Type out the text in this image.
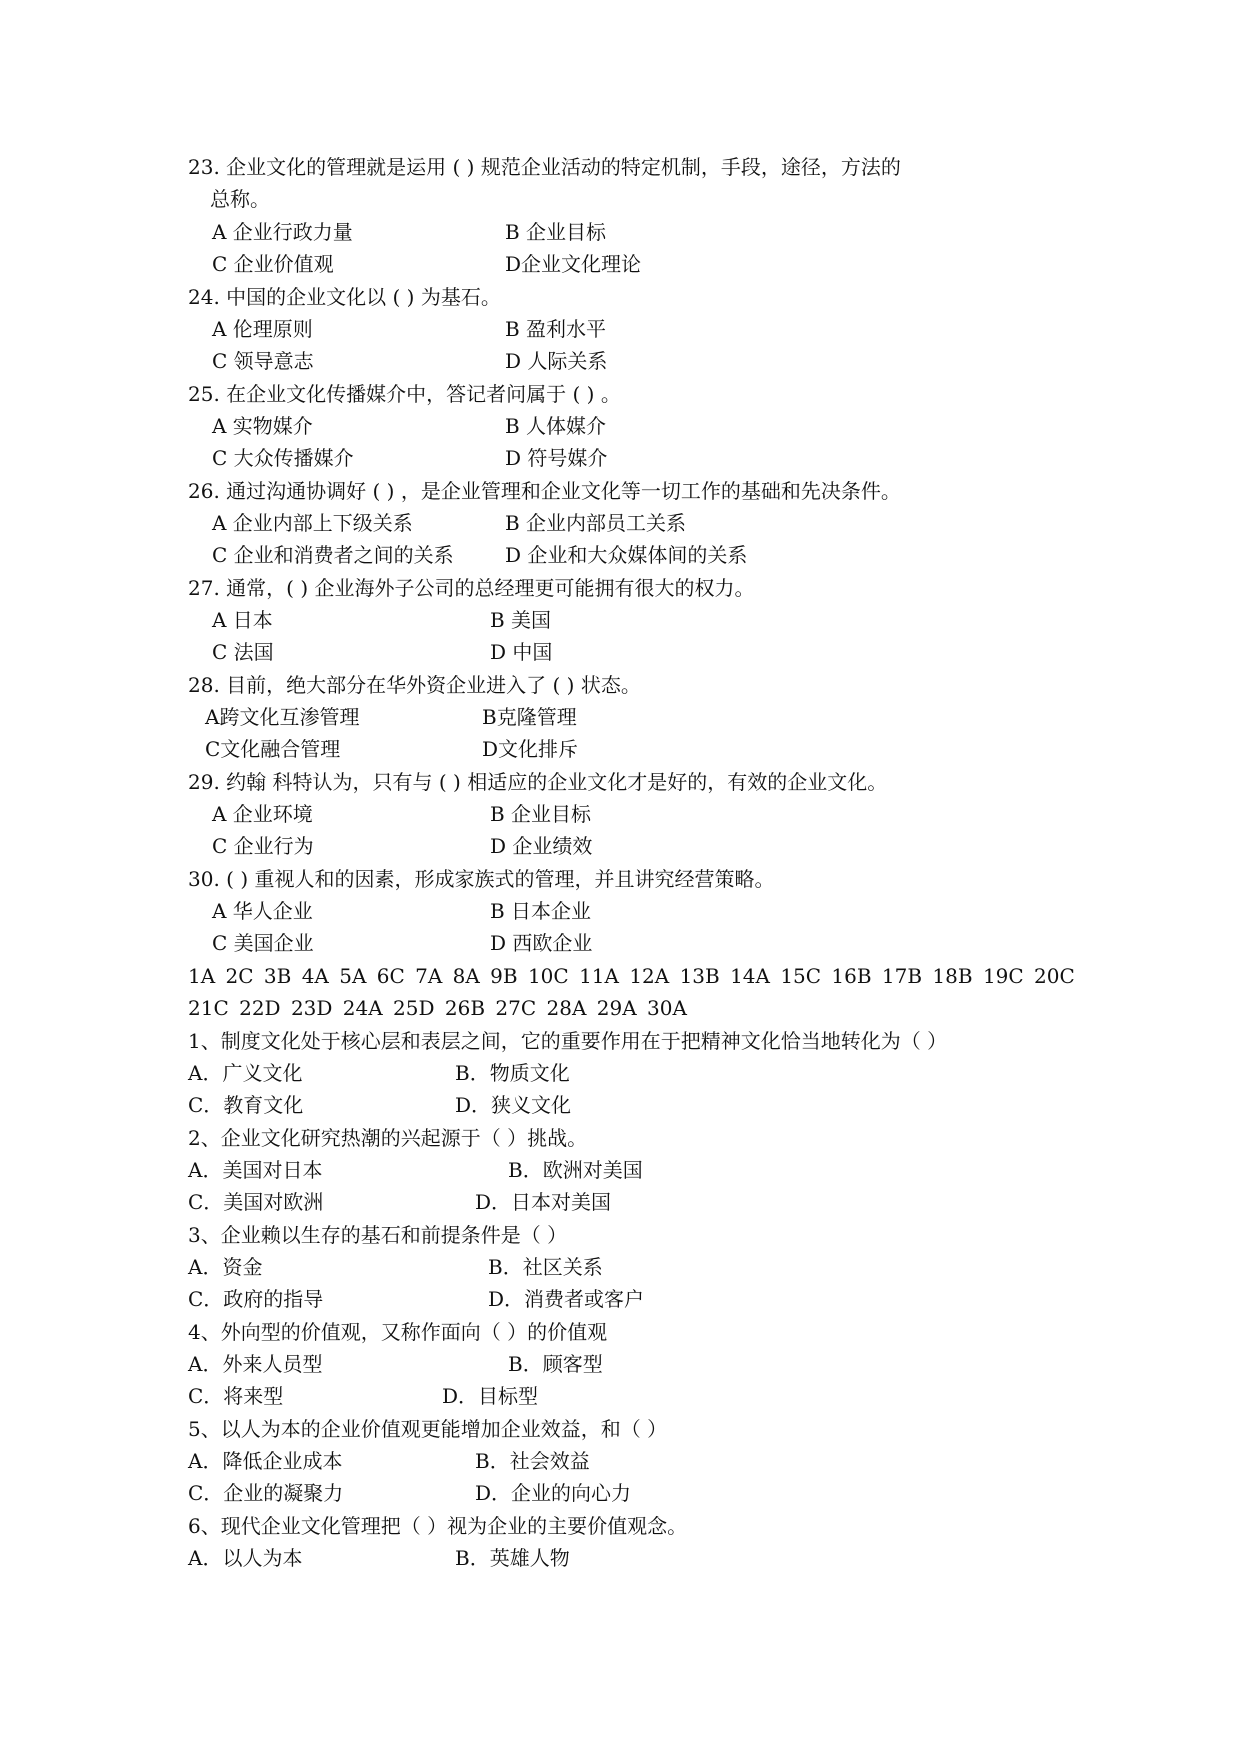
23. 企业文化的管理就是运用 ( ) 规范企业活动的特定机制，手段，途径，方法的
总称。
A 企业行政力量	B 企业目标
C 企业价值观	D企业文化理论
24. 中国的企业文化以 ( ) 为基石。
A 伦理原则	B 盈利水平
C 领导意志	D 人际关系
25. 在企业文化传播媒介中，答记者问属于 ( ) 。
A 实物媒介	B 人体媒介
C 大众传播媒介	D 符号媒介
26. 通过沟通协调好 ( ) ，是企业管理和企业文化等一切工作的基础和先决条件。
A 企业内部上下级关系	B 企业内部员工关系
C 企业和消费者之间的关系	D 企业和大众媒体间的关系
27. 通常，( ) 企业海外子公司的总经理更可能拥有很大的权力。
A 日本	B 美国
C 法国	D 中国
28. 目前，绝大部分在华外资企业进入了 ( ) 状态。
A跨文化互渗管理	B克隆管理
C文化融合管理	D文化排斥
29. 约翰 科特认为，只有与 ( ) 相适应的企业文化才是好的，有效的企业文化。
A 企业环境	B 企业目标
C 企业行为	D 企业绩效
30. ( ) 重视人和的因素，形成家族式的管理，并且讲究经营策略。
A 华人企业	B 日本企业
C 美国企业	D 西欧企业
1A 2C 3B 4A 5A 6C 7A 8A 9B 10C 11A 12A 13B 14A 15C 16B 17B 18B 19C 20C
21C 22D 23D 24A 25D 26B 27C 28A 29A 30A
1、制度文化处于核心层和表层之间，它的重要作用在于把精神文化恰当地转化为（ ）
A．广义文化	B．物质文化
C．教育文化	D．狭义文化
2、企业文化研究热潮的兴起源于（ ）挑战。
A．美国对日本	B．欧洲对美国
C．美国对欧洲	D．日本对美国
3、企业赖以生存的基石和前提条件是（ ）
A．资金	B．社区关系
C．政府的指导	D．消费者或客户
4、外向型的价值观，又称作面向（ ）的价值观
A．外来人员型	B．顾客型
C．将来型	D．目标型
5、以人为本的企业价值观更能增加企业效益，和（ ）
A．降低企业成本	B．社会效益
C．企业的凝聚力	D．企业的向心力
6、现代企业文化管理把（ ）视为企业的主要价值观念。
A．以人为本	B．英雄人物
